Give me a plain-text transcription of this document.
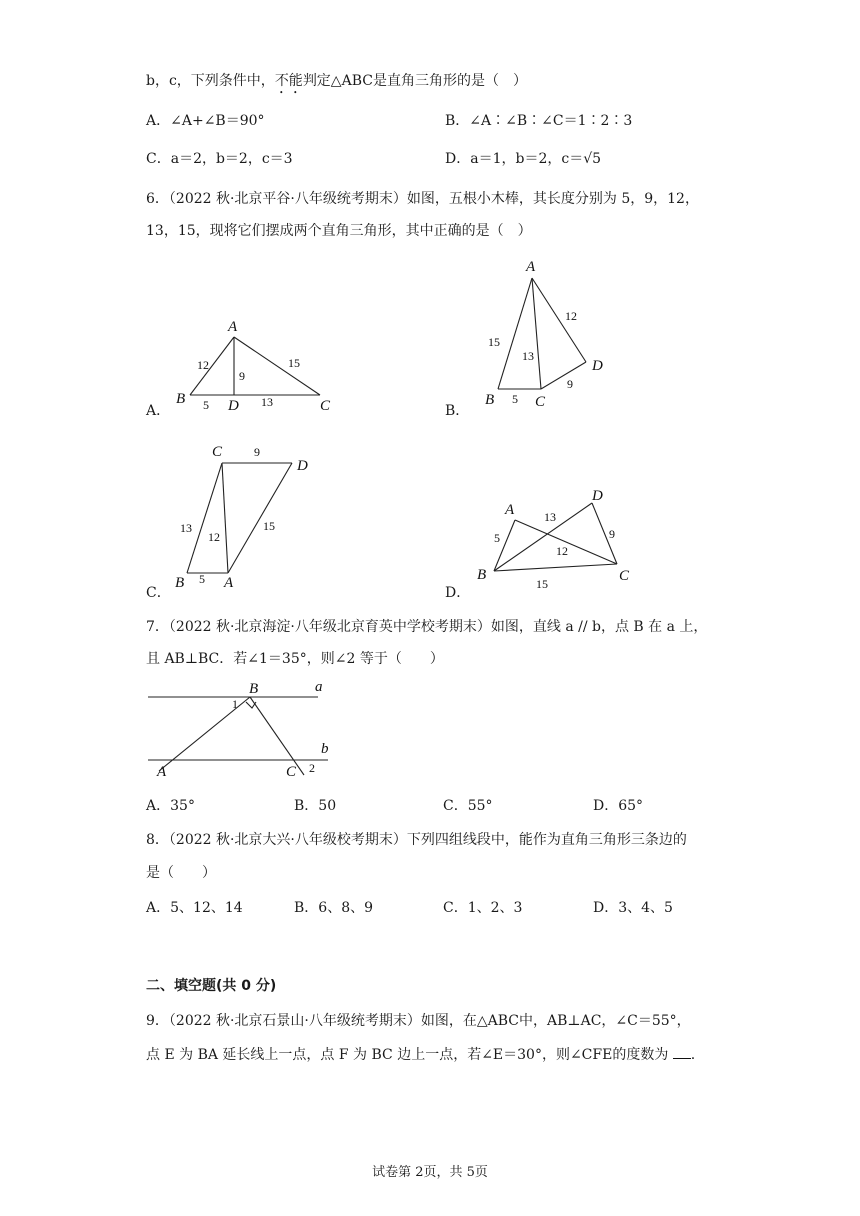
b，c，下列条件中，不能判定△ABC是直角三角形的是（　）
A．∠A+∠B＝90°	B．∠A∶∠B∶∠C＝1∶2∶3
C．a＝2，b＝2，c＝3	D．a＝1，b＝2，c＝√5
6．（2022 秋·北京平谷·八年级统考期末）如图，五根小木棒，其长度分别为 5，9，12，
13，15，现将它们摆成两个直角三角形，其中正确的是（　）
A．
A
B	D	C
12
9
15
5	13
B．
A
B	C
D
15
12
13
5
9
C．
C
D
B	A
9
13
12
15
5
D．
A
D
B	C
13
5
12
9
15
7．（2022 秋·北京海淀·八年级北京育英中学校考期末）如图，直线 a // b，点 B 在 a 上，
且 AB⊥BC．若∠1＝35°，则∠2 等于（　　）
B	a
b
A	C
1
2
A．35°	B．50	C．55°	D．65°
8．（2022 秋·北京大兴·八年级校考期末）下列四组线段中，能作为直角三角形三条边的
是（　　）
A．5、12、14	B．6、8、9	C．1、2、3	D．3、4、5
二、填空题(共 0 分)
9．（2022 秋·北京石景山·八年级统考期末）如图，在△ABC中，AB⊥AC，∠C＝55°，
点 E 为 BA 延长线上一点，点 F 为 BC 边上一点，若∠E＝30°，则∠CFE的度数为 .
试卷第 2页，共 5页
